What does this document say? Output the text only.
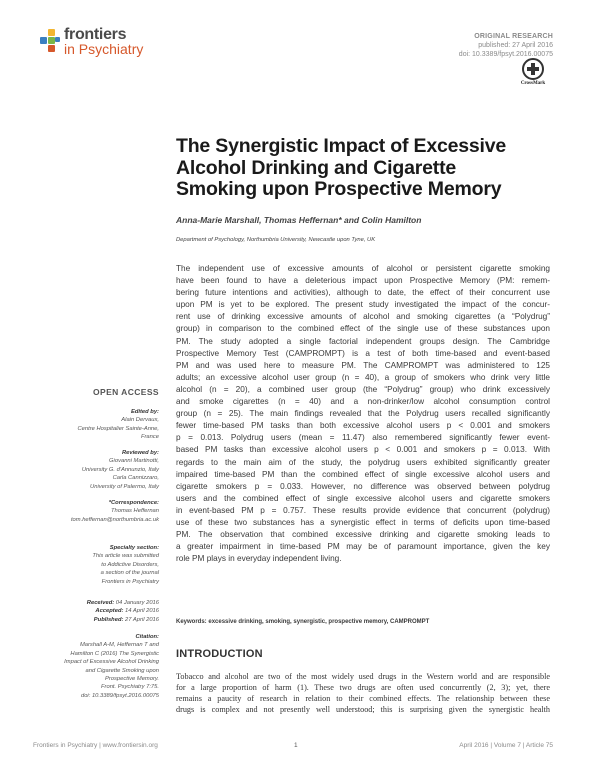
frontiers
in Psychiatry
ORIGINAL RESEARCH
published: 27 April 2016
doi: 10.3389/fpsyt.2016.00075
CrossMark
The Synergistic Impact of Excessive
Alcohol Drinking and Cigarette
Smoking upon Prospective Memory
Anna-Marie Marshall, Thomas Heffernan* and Colin Hamilton
Department of Psychology, Northumbria University, Newcastle upon Tyne, UK
The independent use of excessive amounts of alcohol or persistent cigarette smoking
have been found to have a deleterious impact upon Prospective Memory (PM: remem-
bering future intentions and activities), although to date, the effect of their concurrent use
upon PM is yet to be explored. The present study investigated the impact of the concur-
rent use of drinking excessive amounts of alcohol and smoking cigarettes (a “Polydrug”
group) in comparison to the combined effect of the single use of these substances upon
PM. The study adopted a single factorial independent groups design. The Cambridge
Prospective Memory Test (CAMPROMPT) is a test of both time-based and event-based
PM and was used here to measure PM. The CAMPROMPT was administered to 125
adults; an excessive alcohol user group (n = 40), a group of smokers who drink very little
alcohol (n = 20), a combined user group (the “Polydrug” group) who drink excessively
and smoke cigarettes (n = 40) and a non-drinker/low alcohol consumption control
group (n = 25). The main findings revealed that the Polydrug users recalled significantly
fewer time-based PM tasks than both excessive alcohol users p < 0.001 and smokers
p = 0.013. Polydrug users (mean = 11.47) also remembered significantly fewer event-
based PM tasks than excessive alcohol users p < 0.001 and smokers p = 0.013. With
regards to the main aim of the study, the polydrug users exhibited significantly greater
impaired time-based PM than the combined effect of single excessive alcohol users and
cigarette smokers p = 0.033. However, no difference was observed between polydrug
users and the combined effect of single excessive alcohol users and cigarette smokers
in event-based PM p = 0.757. These results provide evidence that concurrent (polydrug)
use of these two substances has a synergistic effect in terms of deficits upon time-based
PM. The observation that combined excessive drinking and cigarette smoking leads to
a greater impairment in time-based PM may be of paramount importance, given the key
role PM plays in everyday independent living.
Keywords: excessive drinking, smoking, synergistic, prospective memory, CAMPROMPT
OPEN ACCESS
Edited by:
Alain Dervaux,
Centre Hospitalier Sainte-Anne,
France
Reviewed by:
Giovanni Martinotti,
University G. d'Annunzio, Italy
Carla Cannizzaro,
University of Palermo, Italy
*Correspondence:
Thomas Heffernan
tom.heffernan@northumbria.ac.uk
Specialty section:
This article was submitted
to Addictive Disorders,
a section of the journal
Frontiers in Psychiatry
Received: 04 January 2016
Accepted: 14 April 2016
Published: 27 April 2016
Citation:
Marshall A-M, Heffernan T and
Hamilton C (2016) The Synergistic
Impact of Excessive Alcohol Drinking
and Cigarette Smoking upon
Prospective Memory.
Front. Psychiatry 7:75.
doi: 10.3389/fpsyt.2016.00075
INTRODUCTION
Tobacco and alcohol are two of the most widely used drugs in the Western world and are responsible
for a large proportion of harm (1). These two drugs are often used concurrently (2, 3); yet, there
remains a paucity of research in relation to their combined effects. The relationship between these
drugs is complex and not presently well understood; this is surprising given the synergistic health
Frontiers in Psychiatry | www.frontiersin.org	1	April 2016 | Volume 7 | Article 75
